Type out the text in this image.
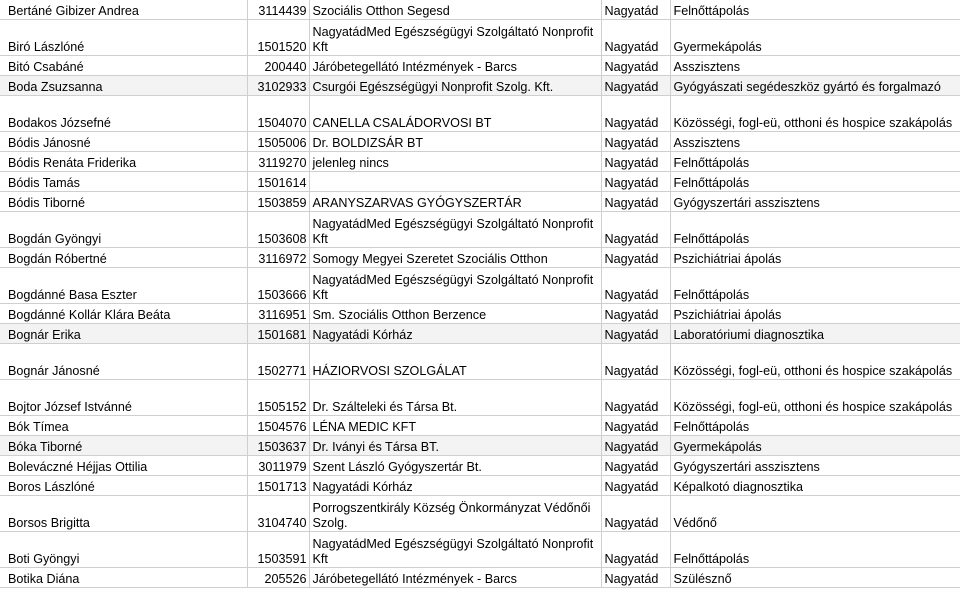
Bertáné Gibizer Andrea	3114439	Szociális Otthon Segesd	Nagyatád	Felnőttápolás
Biró Lászlóné	1501520	NagyatádMed Egészségügyi Szolgáltató Nonprofit Kft	Nagyatád	Gyermekápolás
Bitó Csabáné	200440	Járóbetegellátó Intézmények - Barcs	Nagyatád	Asszisztens
Boda Zsuzsanna	3102933	Csurgói Egészségügyi Nonprofit Szolg. Kft.	Nagyatád	Gyógyászati segédeszköz gyártó és forgalmazó
Bodakos Józsefné	1504070	CANELLA CSALÁDORVOSI BT	Nagyatád	Közösségi, fogl-eü, otthoni és hospice szakápolás
Bódis Jánosné	1505006	Dr. BOLDIZSÁR BT	Nagyatád	Asszisztens
Bódis Renáta Friderika	3119270	jelenleg nincs	Nagyatád	Felnőttápolás
Bódis Tamás	1501614		Nagyatád	Felnőttápolás
Bódis Tiborné	1503859	ARANYSZARVAS GYÓGYSZERTÁR	Nagyatád	Gyógyszertári asszisztens
Bogdán Gyöngyi	1503608	NagyatádMed Egészségügyi Szolgáltató Nonprofit Kft	Nagyatád	Felnőttápolás
Bogdán Róbertné	3116972	Somogy Megyei Szeretet Szociális Otthon	Nagyatád	Pszichiátriai ápolás
Bogdánné Basa Eszter	1503666	NagyatádMed Egészségügyi Szolgáltató Nonprofit Kft	Nagyatád	Felnőttápolás
Bogdánné Kollár Klára Beáta	3116951	Sm. Szociális Otthon Berzence	Nagyatád	Pszichiátriai ápolás
Bognár Erika	1501681	Nagyatádi Kórház	Nagyatád	Laboratóriumi diagnosztika
Bognár Jánosné	1502771	HÁZIORVOSI SZOLGÁLAT	Nagyatád	Közösségi, fogl-eü, otthoni és hospice szakápolás
Bojtor József Istvánné	1505152	Dr. Szálteleki és Társa Bt.	Nagyatád	Közösségi, fogl-eü, otthoni és hospice szakápolás
Bók Tímea	1504576	LÉNA MEDIC KFT	Nagyatád	Felnőttápolás
Bóka Tiborné	1503637	Dr. Iványi és Társa BT.	Nagyatád	Gyermekápolás
Boleváczné Héjjas Ottilia	3011979	Szent László Gyógyszertár Bt.	Nagyatád	Gyógyszertári asszisztens
Boros Lászlóné	1501713	Nagyatádi Kórház	Nagyatád	Képalkotó diagnosztika
Borsos Brigitta	3104740	Porrogszentkirály Község Önkormányzat Védőnői Szolg.	Nagyatád	Védőnő
Boti Gyöngyi	1503591	NagyatádMed Egészségügyi Szolgáltató Nonprofit Kft	Nagyatád	Felnőttápolás
Botika Diána	205526	Járóbetegellátó Intézmények - Barcs	Nagyatád	Szülésznő
